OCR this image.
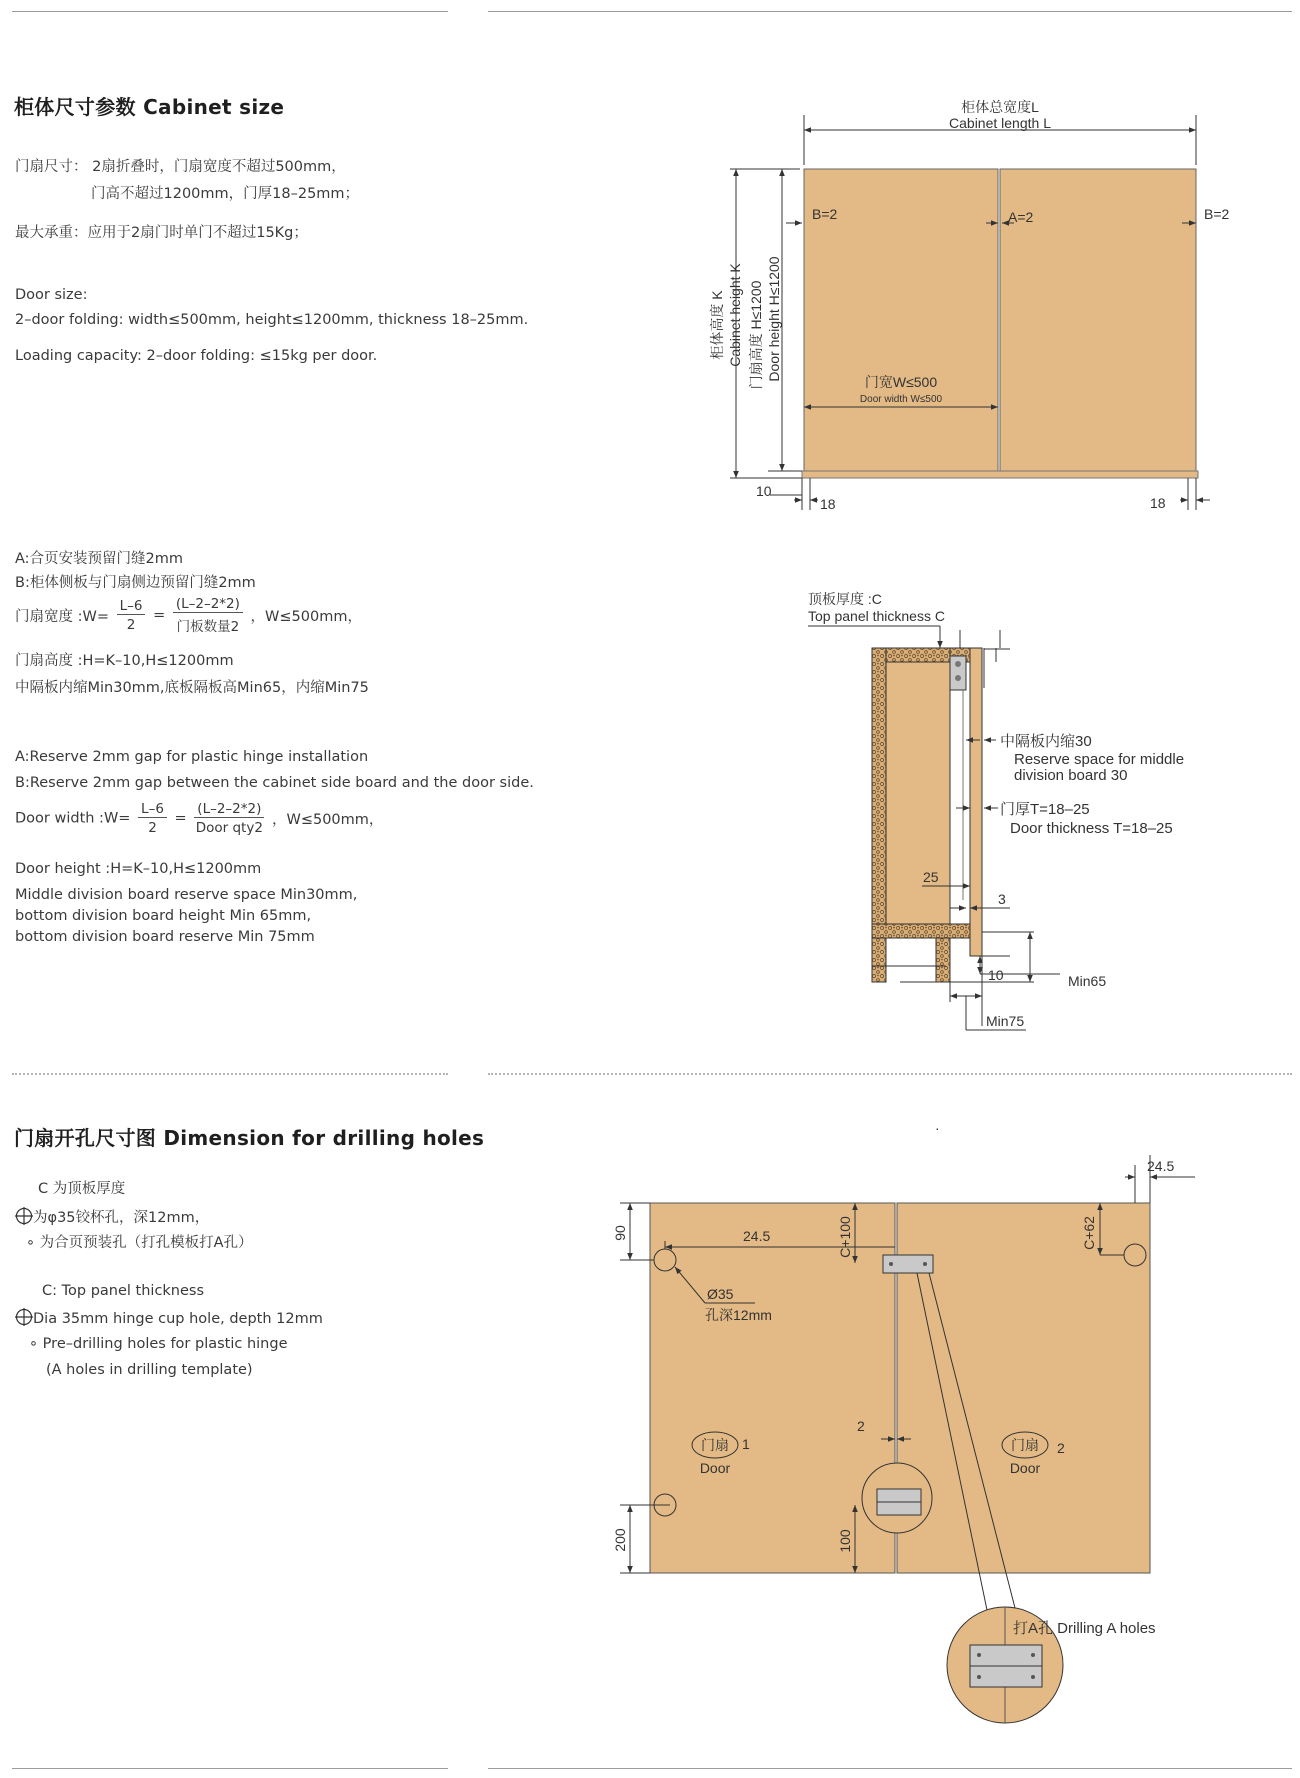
柜体尺寸参数 Cabinet size
门扇尺寸： 2扇折叠时，门扇宽度不超过500mm，
门高不超过1200mm，门厚18–25mm；
最大承重：应用于2扇门时单门不超过15Kg；
Door size:
2–door folding: width≤500mm, height≤1200mm, thickness 18–25mm.
Loading capacity: 2–door folding: ≤15kg per door.
A:合页安装预留门缝2mm
B:柜体侧板与门扇侧边预留门缝2mm
门扇宽度 :W= $\frac{L-6}{2} = \frac{(L-2-2*2)}{\text{门板数量2}}$ ，W≤500mm，
门扇高度 :H=K–10,H≤1200mm
中隔板内缩Min30mm,底板隔板高Min65，内缩Min75
A:Reserve 2mm gap for plastic hinge installation
B:Reserve 2mm gap between the cabinet side board and the door side.
Door width :W= $\frac{L-6}{2} = \frac{(L-2-2*2)}{\text{Door qty2}}$ ，W≤500mm，
Door height :H=K–10,H≤1200mm
Middle division board reserve space Min30mm,
bottom division board height Min 65mm,
bottom division board reserve Min 75mm
柜体总宽度L
Cabinet length L
B=2	A=2	B=2
柜体高度 K Cabinet height K 门扇高度 H≤1200 Door height H≤1200
门宽W≤500
Door width W≤500
10
18	18
顶板厚度 :C
Top panel thickness C
中隔板内缩30
Reserve space for middle
division board 30
门厚T=18–25
Door thickness T=18–25
25
3
Min65
10
Min75
门扇开孔尺寸图 Dimension for drilling holes
C 为顶板厚度
为φ35铰杯孔，深12mm，
∘ 为合页预装孔（打孔模板打A孔）
C: Top panel thickness
Dia 35mm hinge cup hole, depth 12mm
∘ Pre–drilling holes for plastic hinge
(A holes in drilling template)
·
24.5
C+62
90	24.5
Ø35
孔深12mm
C+100
2
门扇 1
Door
门扇 2
Door
200	100
打A孔 Drilling A holes
